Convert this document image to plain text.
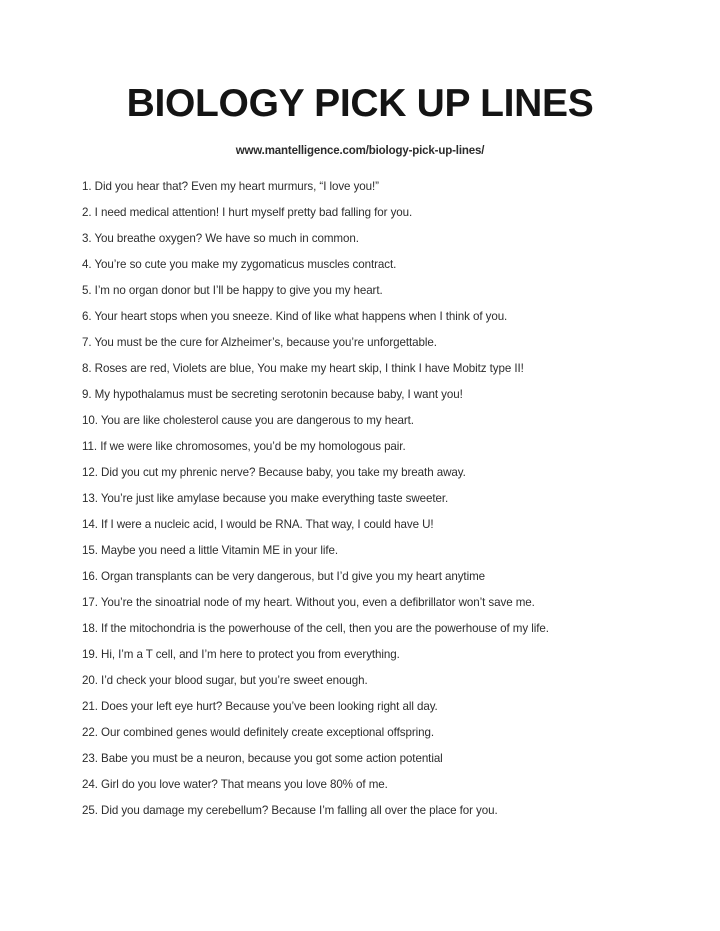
BIOLOGY PICK UP LINES

www.mantelligence.com/biology-pick-up-lines/

1. Did you hear that? Even my heart murmurs, “I love you!”
2. I need medical attention! I hurt myself pretty bad falling for you.
3. You breathe oxygen? We have so much in common.
4. You’re so cute you make my zygomaticus muscles contract.
5. I’m no organ donor but I’ll be happy to give you my heart.
6. Your heart stops when you sneeze. Kind of like what happens when I think of you.
7. You must be the cure for Alzheimer’s, because you’re unforgettable.
8. Roses are red, Violets are blue, You make my heart skip, I think I have Mobitz type II!
9. My hypothalamus must be secreting serotonin because baby, I want you!
10. You are like cholesterol cause you are dangerous to my heart.
11. If we were like chromosomes, you’d be my homologous pair.
12. Did you cut my phrenic nerve? Because baby, you take my breath away.
13. You’re just like amylase because you make everything taste sweeter.
14. If I were a nucleic acid, I would be RNA. That way, I could have U!
15. Maybe you need a little Vitamin ME in your life.
16. Organ transplants can be very dangerous, but I’d give you my heart anytime
17. You’re the sinoatrial node of my heart. Without you, even a defibrillator won’t save me.
18. If the mitochondria is the powerhouse of the cell, then you are the powerhouse of my life.
19. Hi, I’m a T cell, and I’m here to protect you from everything.
20. I’d check your blood sugar, but you’re sweet enough.
21. Does your left eye hurt? Because you’ve been looking right all day.
22. Our combined genes would definitely create exceptional offspring.
23. Babe you must be a neuron, because you got some action potential
24. Girl do you love water? That means you love 80% of me.
25. Did you damage my cerebellum? Because I’m falling all over the place for you.
